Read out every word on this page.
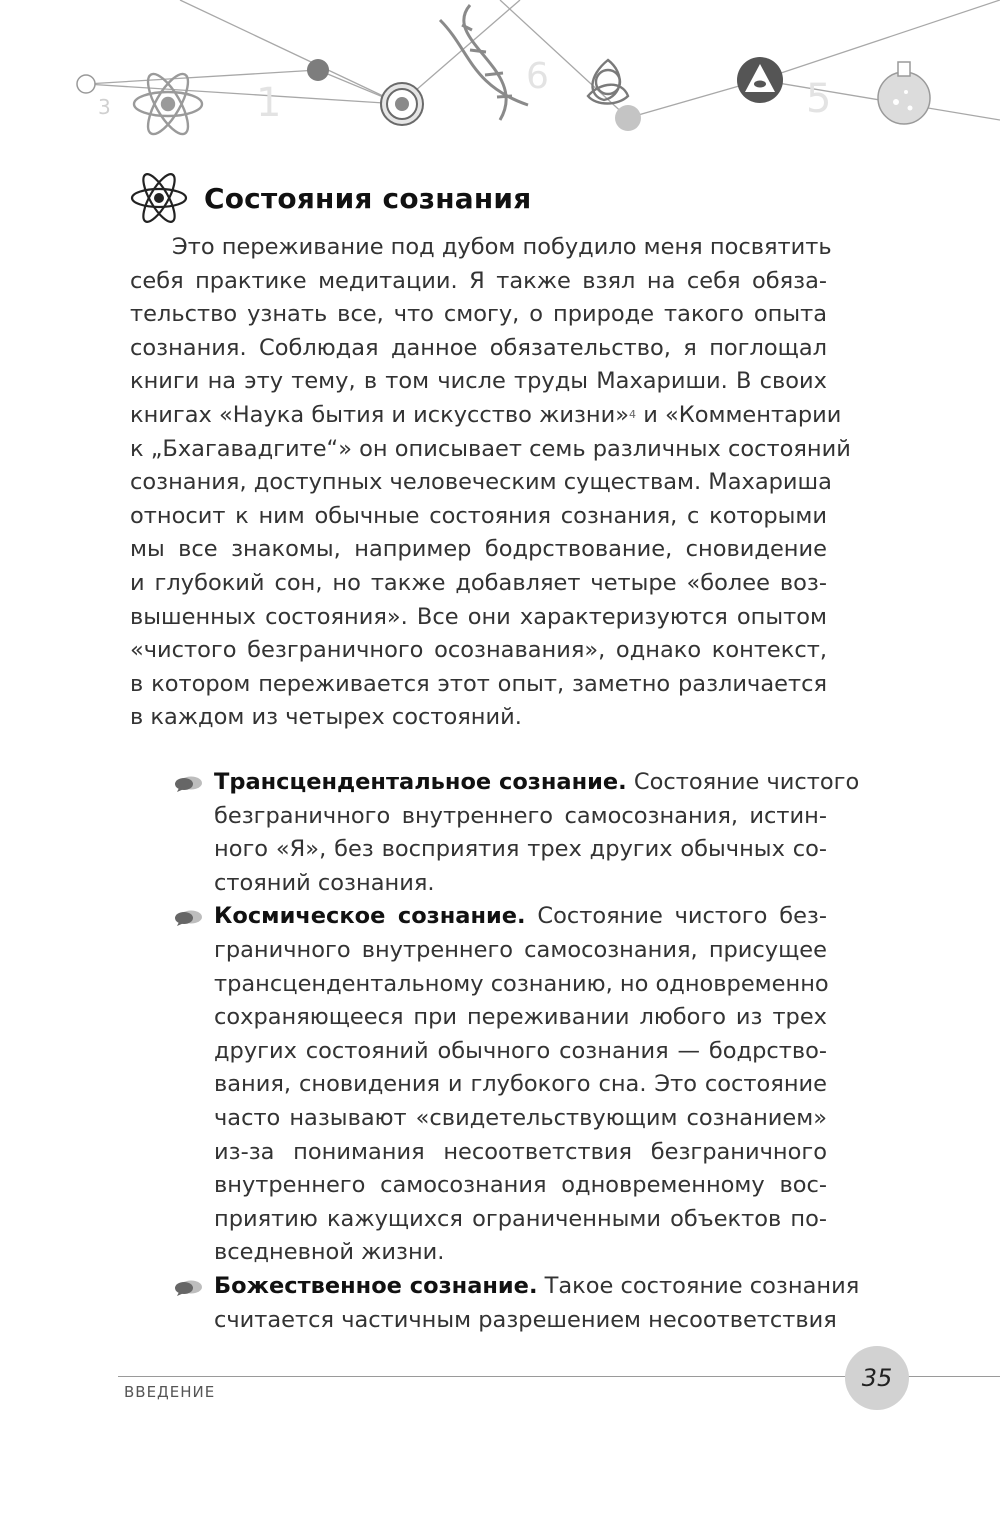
3	1
6	5
Состояния сознания
Это переживание под дубом побудило меня посвятить
себя практике медитации. Я также взял на себя обяза-
тельство узнать все, что смогу, о природе такого опыта
сознания. Соблюдая данное обязательство, я поглощал
книги на эту тему, в том числе труды Махариши. В своих
книгах «Наука бытия и искусство жизни»$^4$ и «Комментарии
к „Бхагавадгите“» он описывает семь различных состояний
сознания, доступных человеческим существам. Махариша
относит к ним обычные состояния сознания, с которыми
мы все знакомы, например бодрствование, сновидение
и глубокий сон, но также добавляет четыре «более воз-
вышенных состояния». Все они характеризуются опытом
«чистого безграничного осознавания», однако контекст,
в котором переживается этот опыт, заметно различается
в каждом из четырех состояний.
Трансцендентальное сознание. Состояние чистого
безграничного внутреннего самосознания, истин-
ного «Я», без восприятия трех других обычных со-
стояний сознания.
Космическое сознание. Состояние чистого без-
граничного внутреннего самосознания, присущее
трансцендентальному сознанию, но одновременно
сохраняющееся при переживании любого из трех
других состояний обычного сознания — бодрство-
вания, сновидения и глубокого сна. Это состояние
часто называют «свидетельствующим сознанием»
из-за понимания несоответствия безграничного
внутреннего самосознания одновременному вос-
приятию кажущихся ограниченными объектов по-
вседневной жизни.
Божественное сознание. Такое состояние сознания
считается частичным разрешением несоответствия
ВВЕДЕНИЕ	35
